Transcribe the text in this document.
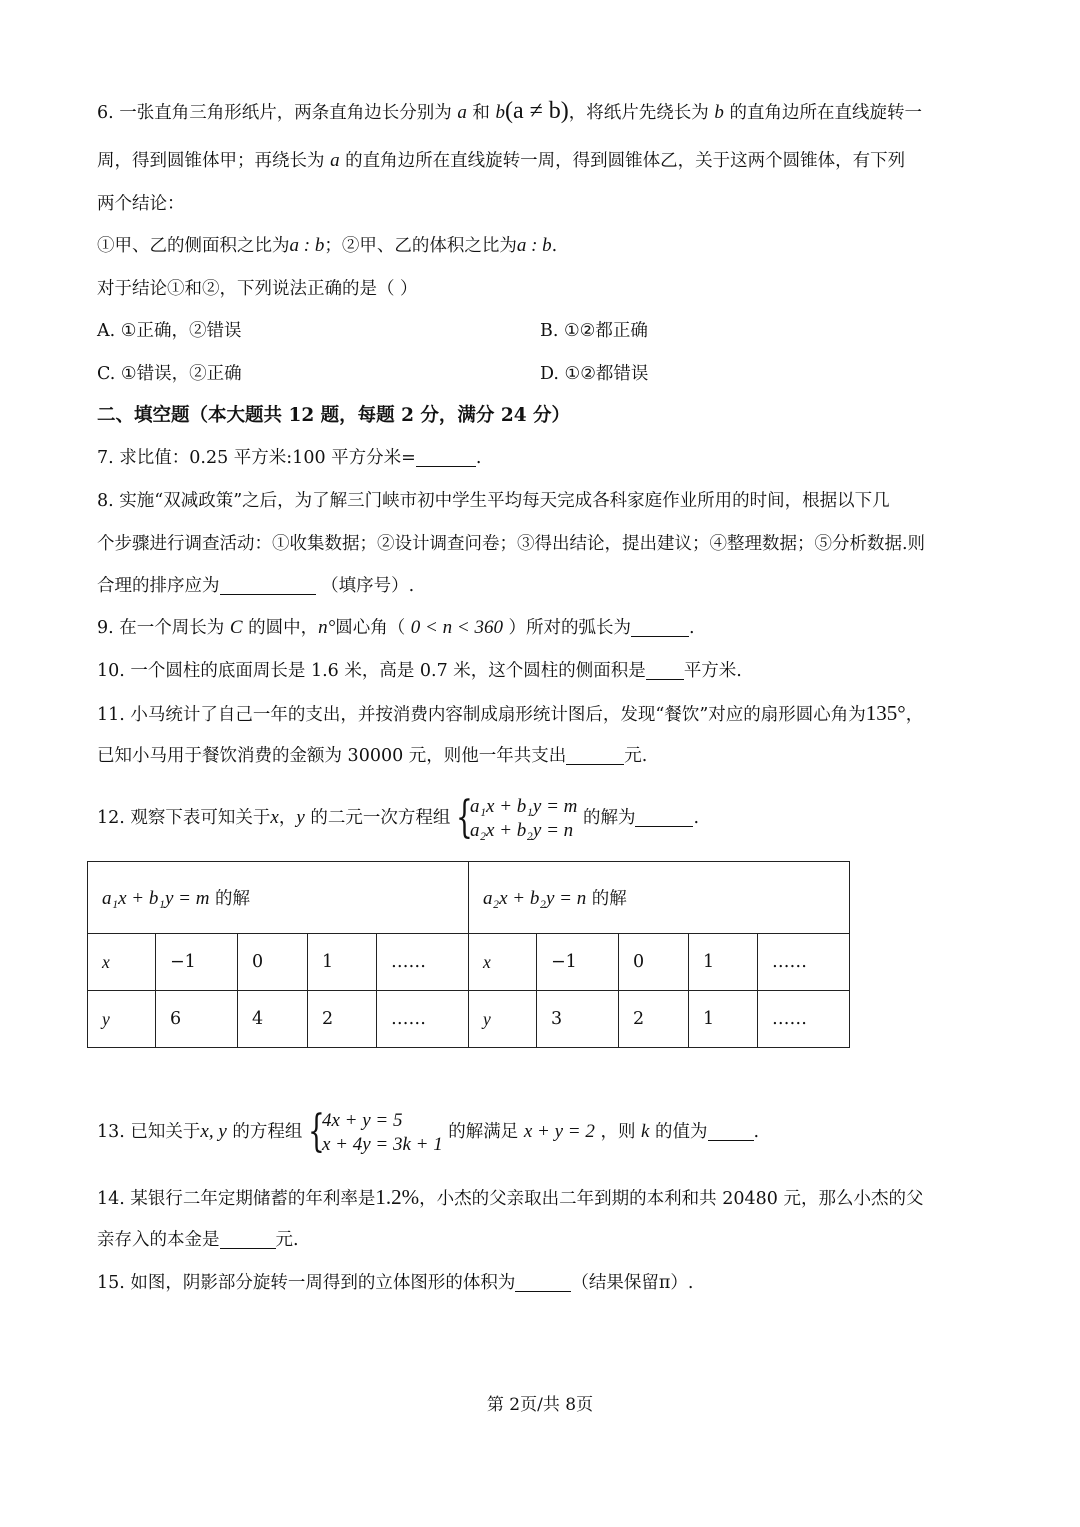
6. 一张直角三角形纸片，两条直角边长分别为 a 和 b(a ≠ b)，将纸片先绕长为 b 的直角边所在直线旋转一
周，得到圆锥体甲；再绕长为 a 的直角边所在直线旋转一周，得到圆锥体乙，关于这两个圆锥体，有下列
两个结论：
①甲、乙的侧面积之比为a : b；②甲、乙的体积之比为a : b.
对于结论①和②，下列说法正确的是（ ）
A. ①正确，②错误	B. ①②都正确
C. ①错误，②正确	D. ①②都错误
二、填空题（本大题共 12 题，每题 2 分，满分 24 分）
7. 求比值：0.25 平方米:100 平方分米=	.
8. 实施“双减政策”之后，为了解三门峡市初中学生平均每天完成各科家庭作业所用的时间，根据以下几
个步骤进行调查活动：①收集数据；②设计调查问卷；③得出结论，提出建议；④整理数据；⑤分析数据.则
合理的排序应为	（填序号）.
9. 在一个周长为 C 的圆中，n°圆心角（ 0 < n < 360 ）所对的弧长为	.
10. 一个圆柱的底面周长是 1.6 米，高是 0.7 米，这个圆柱的侧面积是 平方米.
11. 小马统计了自己一年的支出，并按消费内容制成扇形统计图后，发现“餐饮”对应的扇形圆心角为135°，
已知小马用于餐饮消费的金额为 30000 元，则他一年共支出	元.
12. 观察下表可知关于x，y 的二元一次方程组 {
a₁x + b₁y = m
a₂x + b₂y = n
的解为	.
a₁x + b₁y = m 的解					a₂x + b₂y = n 的解				
x	−1	0	1	……	x	−1	0	1	……
y	6	4	2	……	y	3	2	1	……
13. 已知关于x, y 的方程组 {
4x + y = 5
x + 4y = 3k + 1
的解满足 x + y = 2 ，则 k 的值为	.
14. 某银行二年定期储蓄的年利率是1.2%，小杰的父亲取出二年到期的本利和共 20480 元，那么小杰的父
亲存入的本金是	元.
15. 如图，阴影部分旋转一周得到的立体图形的体积为	（结果保留π）.
第 2页/共 8页
